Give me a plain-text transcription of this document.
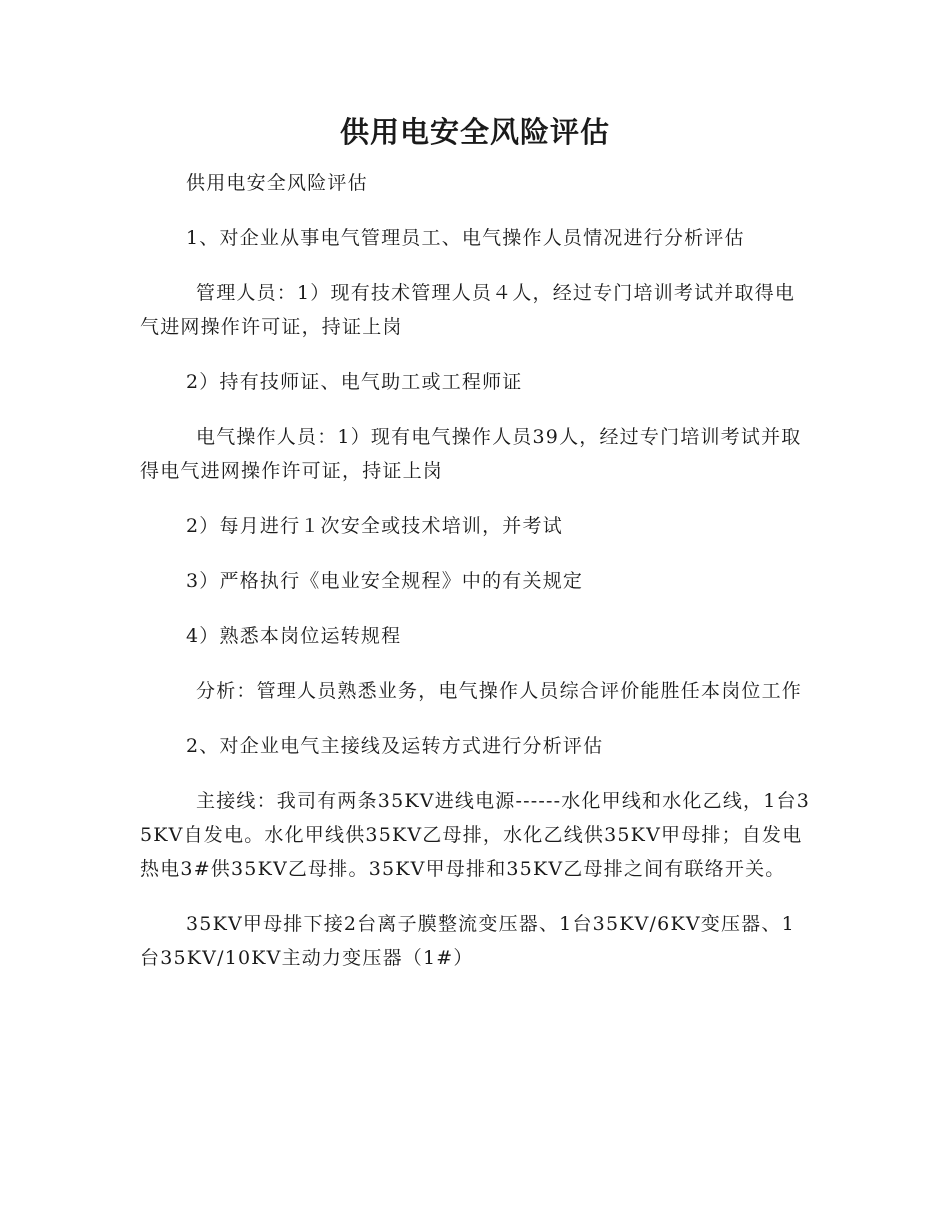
供用电安全风险评估

供用电安全风险评估

1、对企业从事电气管理员工、电气操作人员情况进行分析评估

管理人员：1）现有技术管理人员４人，经过专门培训考试并取得电气进网操作许可证，持证上岗

2）持有技师证、电气助工或工程师证

电气操作人员：1）现有电气操作人员39人，经过专门培训考试并取得电气进网操作许可证，持证上岗

2）每月进行１次安全或技术培训，并考试

3）严格执行《电业安全规程》中的有关规定

4）熟悉本岗位运转规程

分析：管理人员熟悉业务，电气操作人员综合评价能胜任本岗位工作

2、对企业电气主接线及运转方式进行分析评估

主接线：我司有两条35KV进线电源------水化甲线和水化乙线，1台35KV自发电。水化甲线供35KV乙母排，水化乙线供35KV甲母排；自发电热电3#供35KV乙母排。35KV甲母排和35KV乙母排之间有联络开关。

35KV甲母排下接2台离子膜整流变压器、1台35KV/6KV变压器、1台35KV/10KV主动力变压器（1#）
